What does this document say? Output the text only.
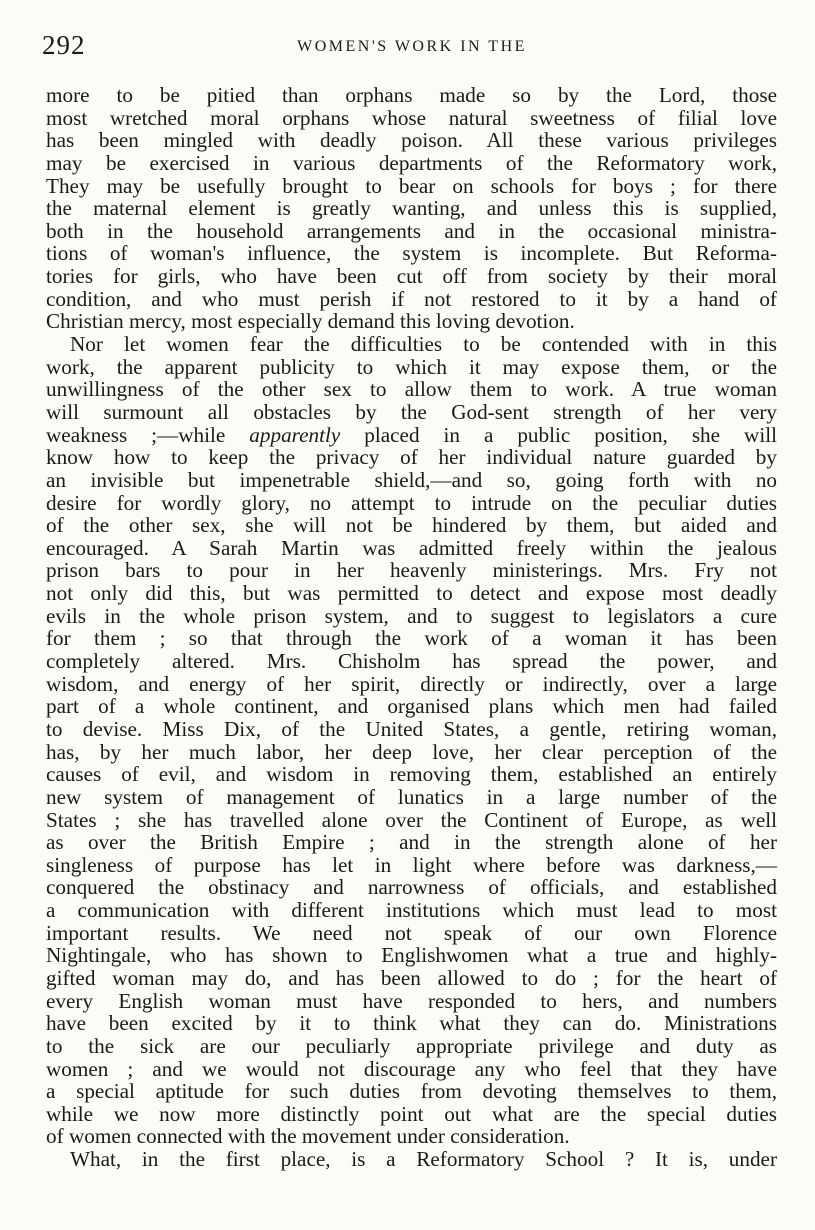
292	WOMEN'S WORK IN THE
more to be pitied than orphans made so by the Lord, those
most wretched moral orphans whose natural sweetness of filial love
has been mingled with deadly poison. All these various privileges
may be exercised in various departments of the Reformatory work,
They may be usefully brought to bear on schools for boys ; for there
the maternal element is greatly wanting, and unless this is supplied,
both in the household arrangements and in the occasional ministra-
tions of woman's influence, the system is incomplete. But Reforma-
tories for girls, who have been cut off from society by their moral
condition, and who must perish if not restored to it by a hand of
Christian mercy, most especially demand this loving devotion.
Nor let women fear the difficulties to be contended with in this
work, the apparent publicity to which it may expose them, or the
unwillingness of the other sex to allow them to work. A true woman
will surmount all obstacles by the God-sent strength of her very
weakness ;—while apparently placed in a public position, she will
know how to keep the privacy of her individual nature guarded by
an invisible but impenetrable shield,—and so, going forth with no
desire for wordly glory, no attempt to intrude on the peculiar duties
of the other sex, she will not be hindered by them, but aided and
encouraged. A Sarah Martin was admitted freely within the jealous
prison bars to pour in her heavenly ministerings. Mrs. Fry not
not only did this, but was permitted to detect and expose most deadly
evils in the whole prison system, and to suggest to legislators a cure
for them ; so that through the work of a woman it has been
completely altered. Mrs. Chisholm has spread the power, and
wisdom, and energy of her spirit, directly or indirectly, over a large
part of a whole continent, and organised plans which men had failed
to devise. Miss Dix, of the United States, a gentle, retiring woman,
has, by her much labor, her deep love, her clear perception of the
causes of evil, and wisdom in removing them, established an entirely
new system of management of lunatics in a large number of the
States ; she has travelled alone over the Continent of Europe, as well
as over the British Empire ; and in the strength alone of her
singleness of purpose has let in light where before was darkness,—
conquered the obstinacy and narrowness of officials, and established
a communication with different institutions which must lead to most
important results. We need not speak of our own Florence
Nightingale, who has shown to Englishwomen what a true and highly-
gifted woman may do, and has been allowed to do ; for the heart of
every English woman must have responded to hers, and numbers
have been excited by it to think what they can do. Ministrations
to the sick are our peculiarly appropriate privilege and duty as
women ; and we would not discourage any who feel that they have
a special aptitude for such duties from devoting themselves to them,
while we now more distinctly point out what are the special duties
of women connected with the movement under consideration.
What, in the first place, is a Reformatory School ? It is, under
